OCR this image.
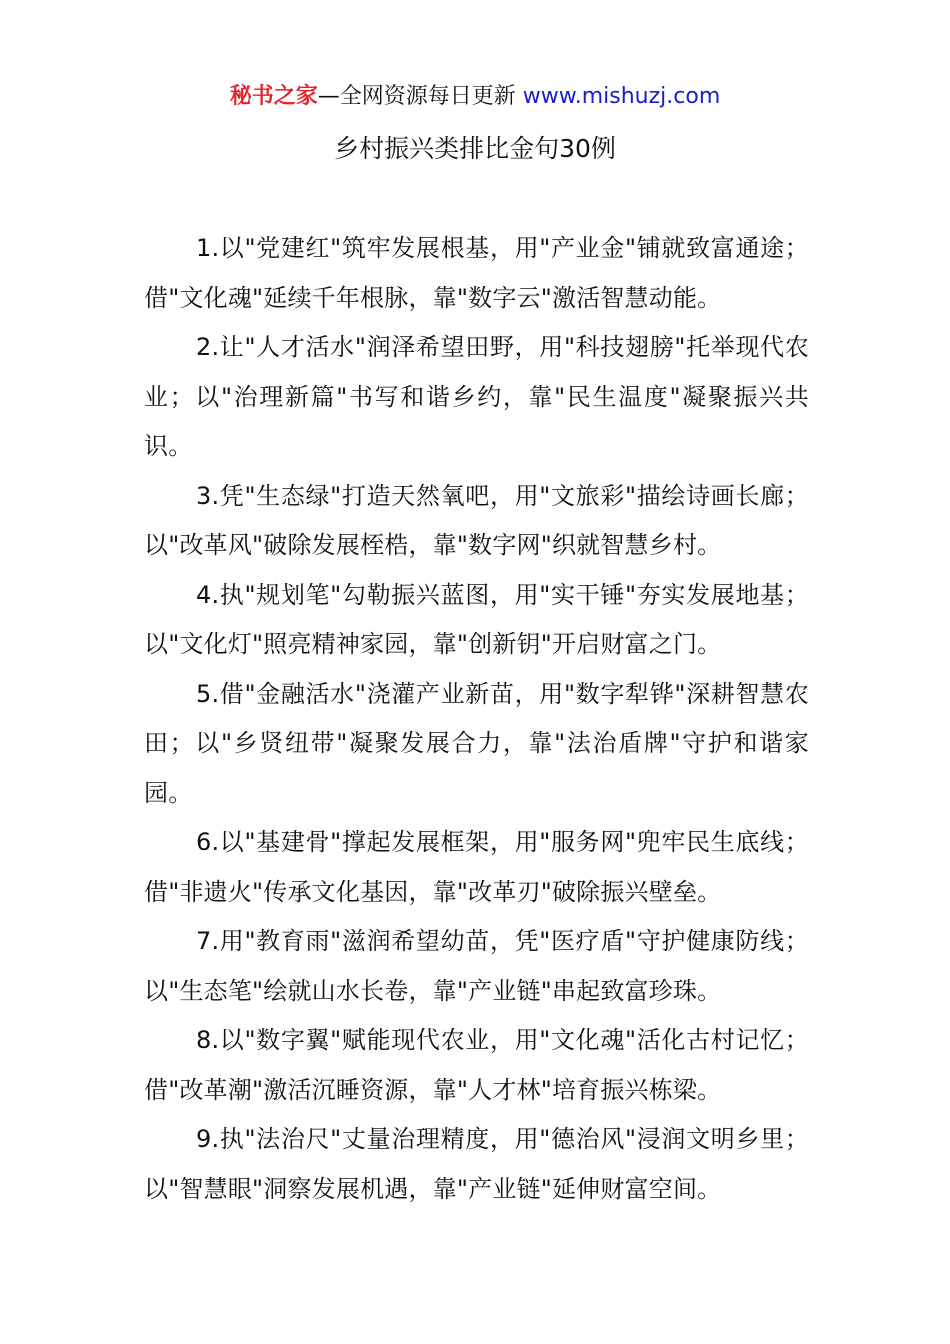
秘书之家—全网资源每日更新 www.mishuzj.com
乡村振兴类排比金句30例

1.以"党建红"筑牢发展根基，用"产业金"铺就致富通途；借"文化魂"延续千年根脉，靠"数字云"激活智慧动能。

2.让"人才活水"润泽希望田野，用"科技翅膀"托举现代农业；以"治理新篇"书写和谐乡约，靠"民生温度"凝聚振兴共识。

3.凭"生态绿"打造天然氧吧，用"文旅彩"描绘诗画长廊；以"改革风"破除发展桎梏，靠"数字网"织就智慧乡村。

4.执"规划笔"勾勒振兴蓝图，用"实干锤"夯实发展地基；以"文化灯"照亮精神家园，靠"创新钥"开启财富之门。

5.借"金融活水"浇灌产业新苗，用"数字犁铧"深耕智慧农田；以"乡贤纽带"凝聚发展合力，靠"法治盾牌"守护和谐家园。

6.以"基建骨"撑起发展框架，用"服务网"兜牢民生底线；借"非遗火"传承文化基因，靠"改革刃"破除振兴壁垒。

7.用"教育雨"滋润希望幼苗，凭"医疗盾"守护健康防线；以"生态笔"绘就山水长卷，靠"产业链"串起致富珍珠。

8.以"数字翼"赋能现代农业，用"文化魂"活化古村记忆；借"改革潮"激活沉睡资源，靠"人才林"培育振兴栋梁。

9.执"法治尺"丈量治理精度，用"德治风"浸润文明乡里；以"智慧眼"洞察发展机遇，靠"产业链"延伸财富空间。
